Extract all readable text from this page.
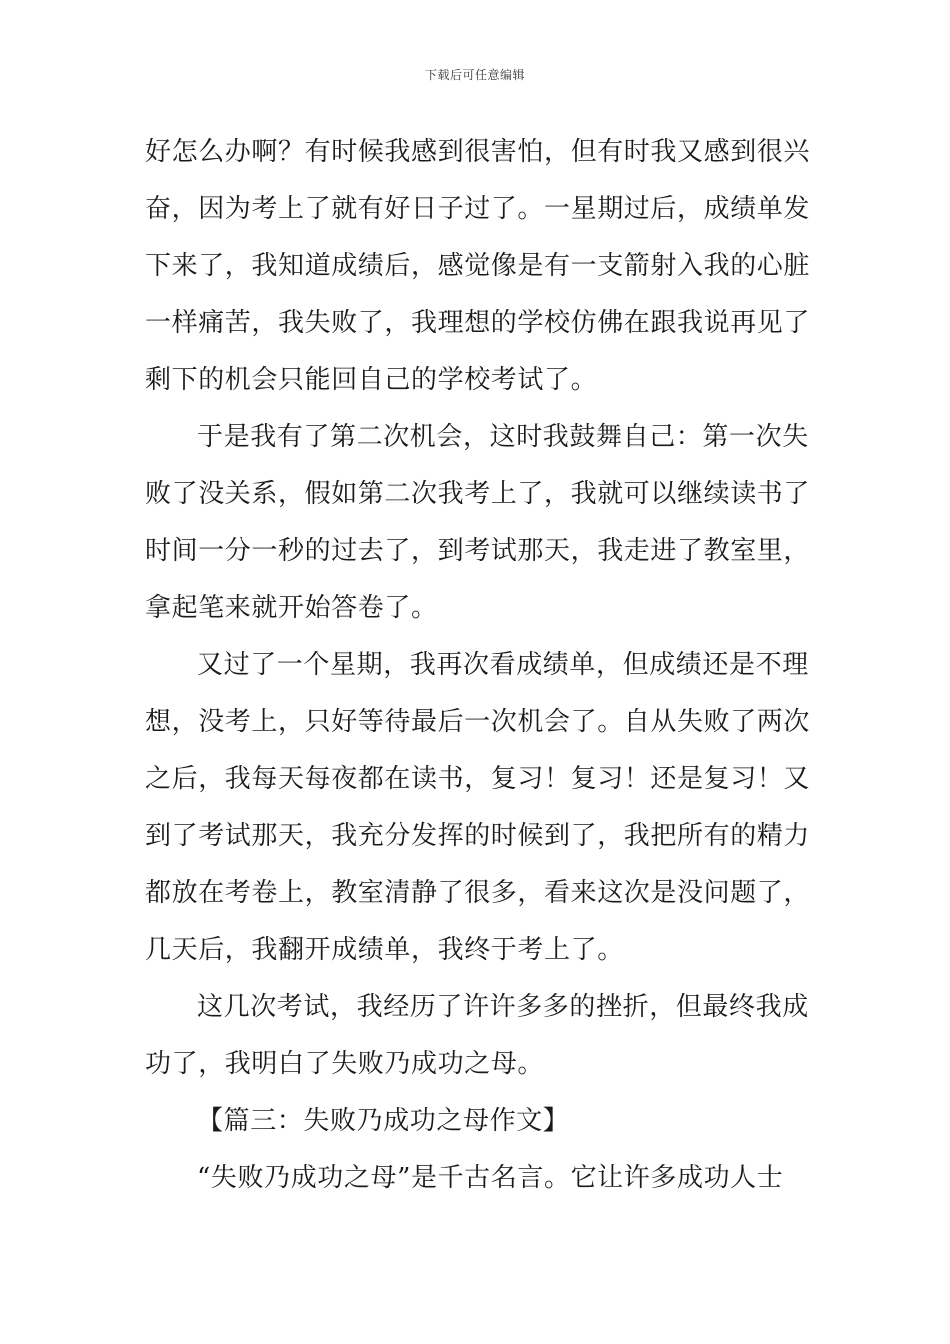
下载后可任意编辑
好怎么办啊？有时候我感到很害怕，但有时我又感到很兴
奋，因为考上了就有好日子过了。一星期过后，成绩单发
下来了，我知道成绩后，感觉像是有一支箭射入我的心脏
一样痛苦，我失败了，我理想的学校仿佛在跟我说再见了
剩下的机会只能回自己的学校考试了。
于是我有了第二次机会，这时我鼓舞自己：第一次失
败了没关系，假如第二次我考上了，我就可以继续读书了
时间一分一秒的过去了，到考试那天，我走进了教室里，
拿起笔来就开始答卷了。
又过了一个星期，我再次看成绩单，但成绩还是不理
想，没考上，只好等待最后一次机会了。自从失败了两次
之后，我每天每夜都在读书，复习！复习！还是复习！又
到了考试那天，我充分发挥的时候到了，我把所有的精力
都放在考卷上，教室清静了很多，看来这次是没问题了，
几天后，我翻开成绩单，我终于考上了。
这几次考试，我经历了许许多多的挫折，但最终我成
功了，我明白了失败乃成功之母。
【篇三：失败乃成功之母作文】
“失败乃成功之母”是千古名言。它让许多成功人士
